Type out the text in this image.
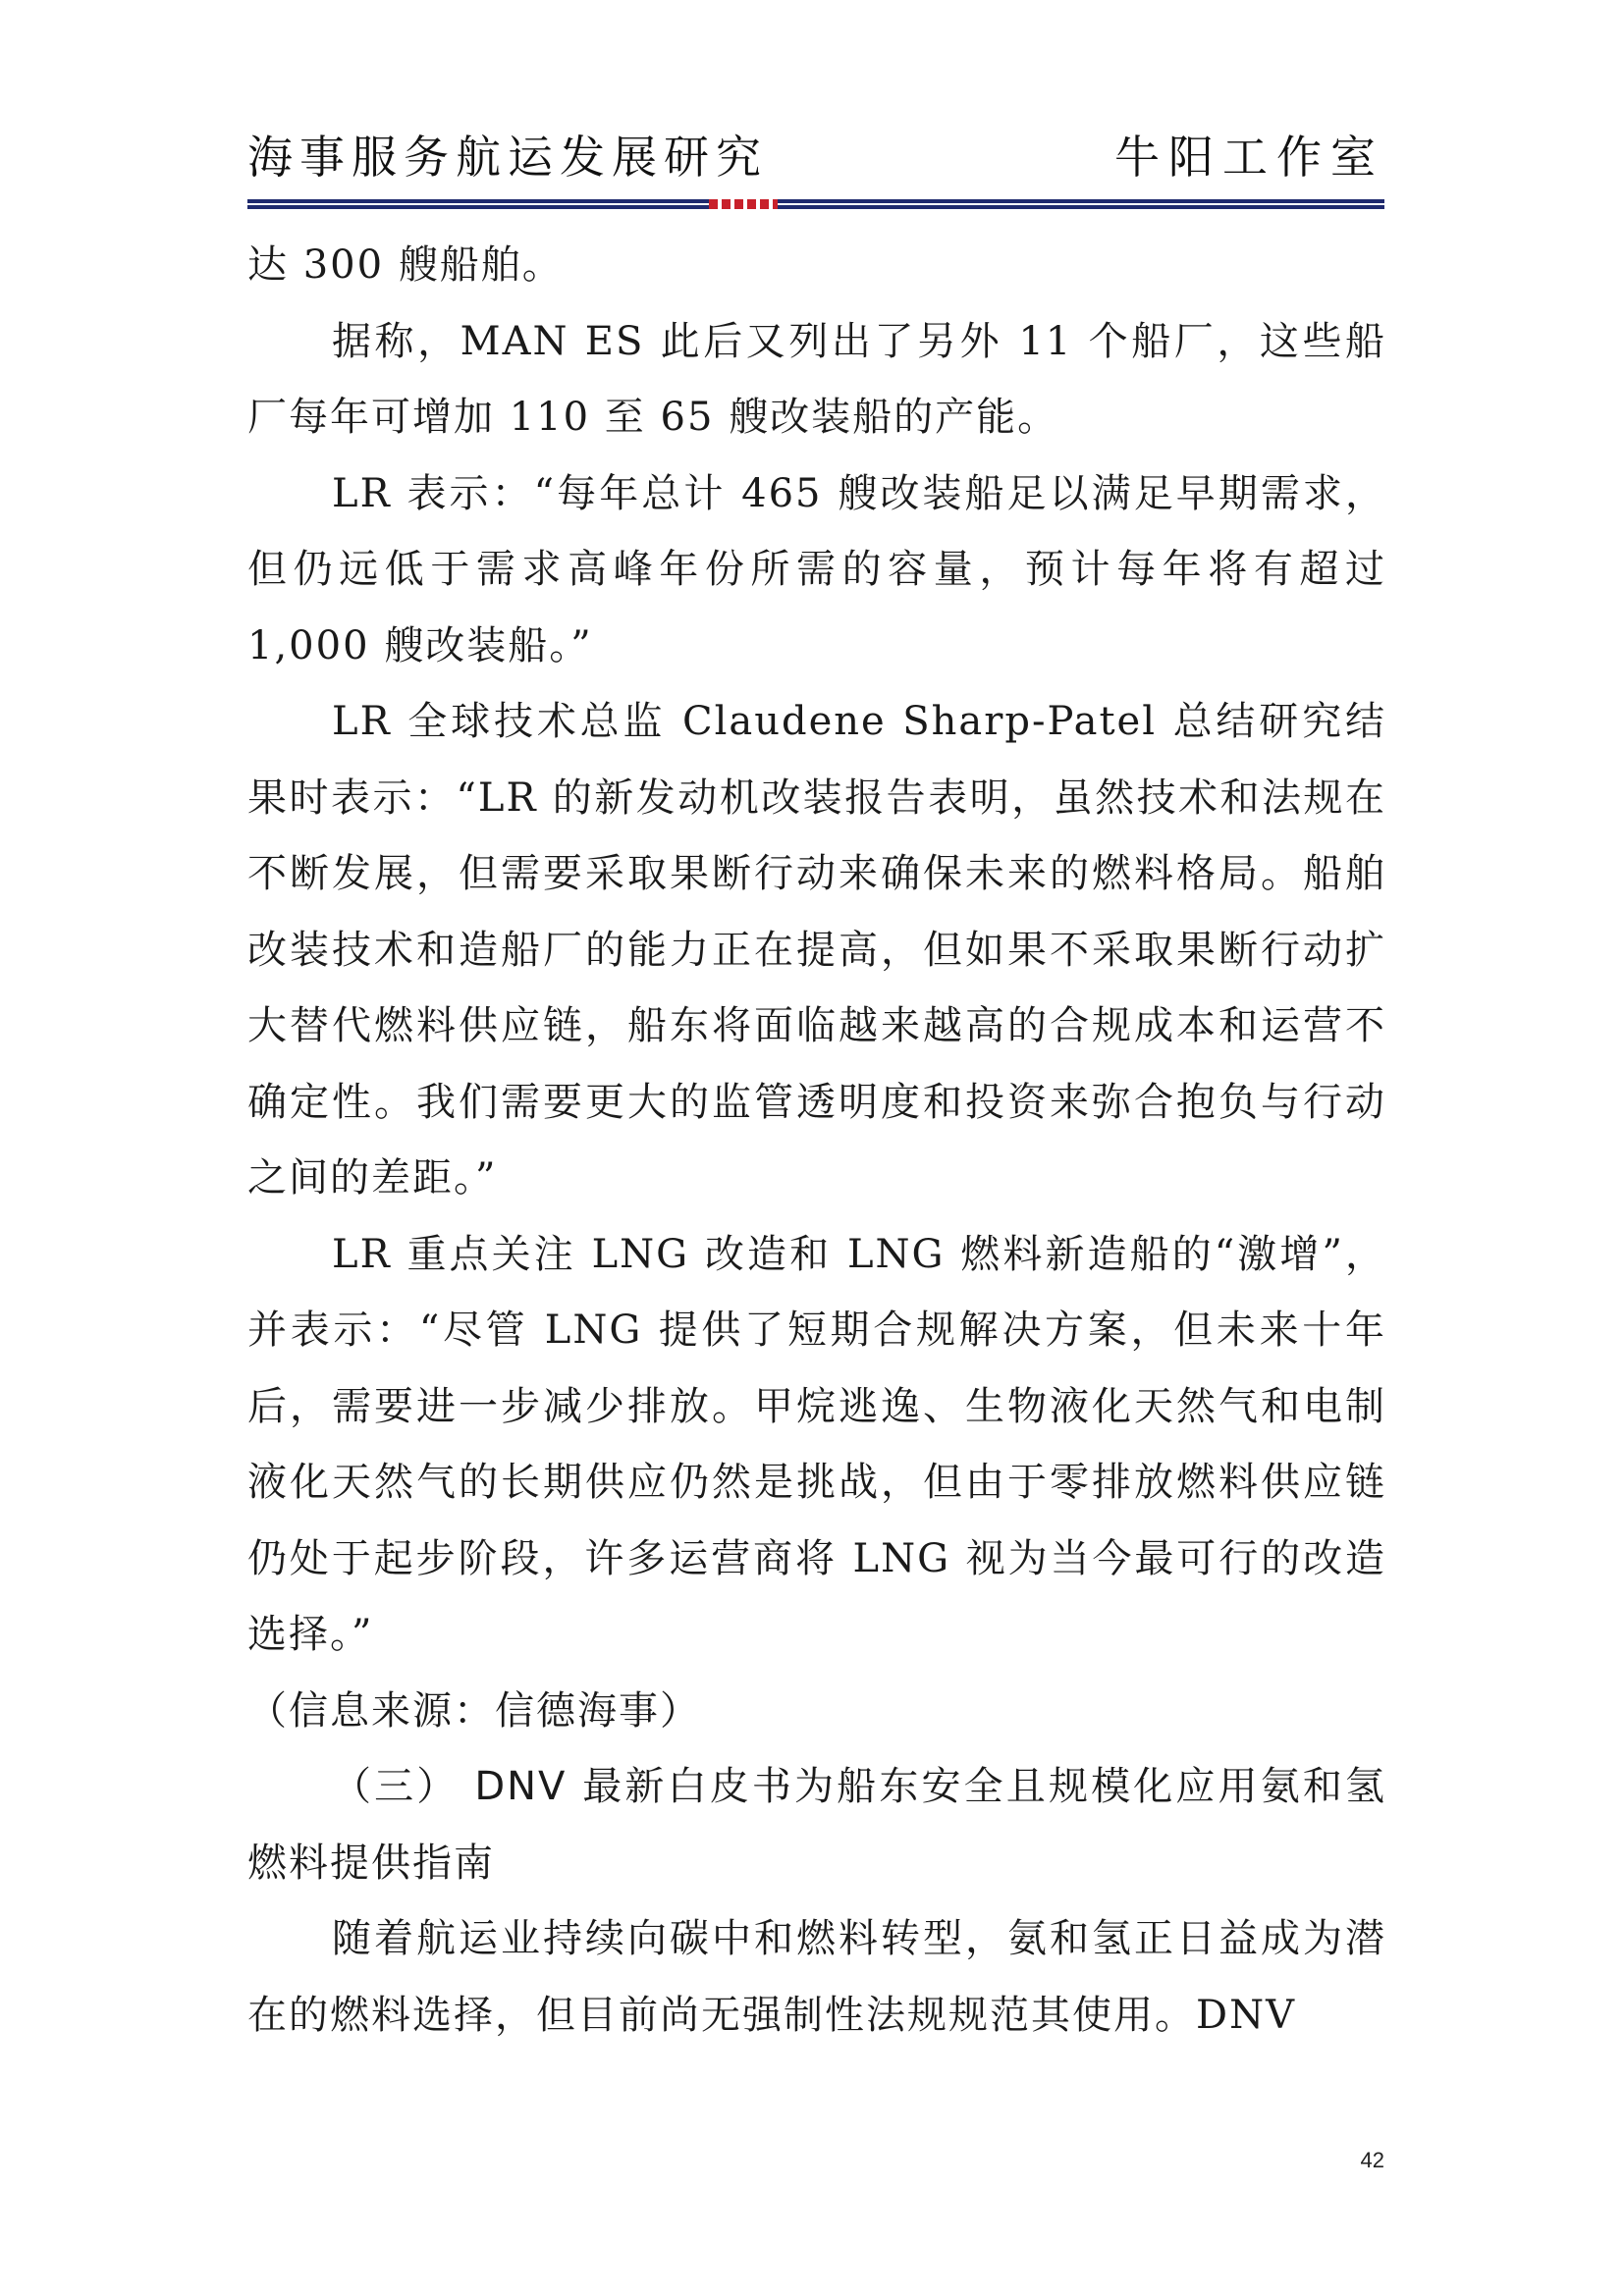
海事服务航运发展研究	牛阳工作室

达 300 艘船舶。

据称，MAN ES 此后又列出了另外 11 个船厂，这些船厂每年可增加 110 至 65 艘改装船的产能。

LR 表示：“每年总计 465 艘改装船足以满足早期需求，但仍远低于需求高峰年份所需的容量，预计每年将有超过 1,000 艘改装船。”

LR 全球技术总监 Claudene Sharp-Patel 总结研究结果时表示：“LR 的新发动机改装报告表明，虽然技术和法规在不断发展，但需要采取果断行动来确保未来的燃料格局。船舶改装技术和造船厂的能力正在提高，但如果不采取果断行动扩大替代燃料供应链，船东将面临越来越高的合规成本和运营不确定性。我们需要更大的监管透明度和投资来弥合抱负与行动之间的差距。”

LR 重点关注 LNG 改造和 LNG 燃料新造船的“激增”，并表示：“尽管 LNG 提供了短期合规解决方案，但未来十年后，需要进一步减少排放。甲烷逃逸、生物液化天然气和电制液化天然气的长期供应仍然是挑战，但由于零排放燃料供应链仍处于起步阶段，许多运营商将 LNG 视为当今最可行的改造选择。”

（信息来源：信德海事）

（三） DNV 最新白皮书为船东安全且规模化应用氨和氢燃料提供指南

随着航运业持续向碳中和燃料转型，氨和氢正日益成为潜在的燃料选择，但目前尚无强制性法规规范其使用。DNV

42
